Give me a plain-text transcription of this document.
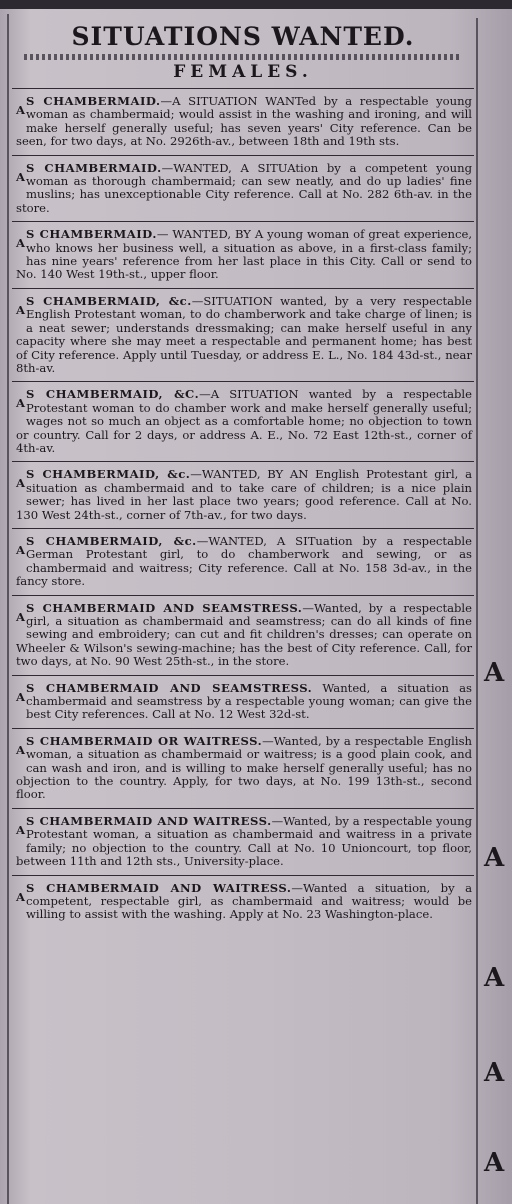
SITUATIONS WANTED.
FEMALES.
A
S CHAMBERMAID.—A SITUATION WANTed by a respectable young woman as chambermaid; would assist in the washing and ironing, and will make herself generally useful; has seven years' City reference. Can be seen, for two days, at No. 2926th-av., between 18th and 19th sts.
A
S CHAMBERMAID.—WANTED, A SITUAtion by a competent young woman as thorough chambermaid; can sew neatly, and do up ladies' fine muslins; has unexceptionable City reference. Call at No. 282 6th-av. in the store.
A
S CHAMBERMAID.— WANTED, BY A young woman of great experience, who knows her business well, a situation as above, in a first-class family; has nine years' reference from her last place in this City. Call or send to No. 140 West 19th-st., upper floor.
A
S CHAMBERMAID, &c.—SITUATION wanted, by a very respectable English Protestant woman, to do chamberwork and take charge of linen; is a neat sewer; understands dressmaking; can make herself useful in any capacity where she may meet a respectable and permanent home; has best of City reference. Apply until Tuesday, or address E. L., No. 184 43d-st., near 8th-av.
A
S CHAMBERMAID, &C.—A SITUATION wanted by a respectable Protestant woman to do chamber work and make herself generally useful; wages not so much an object as a comfortable home; no objection to town or country. Call for 2 days, or address A. E., No. 72 East 12th-st., corner of 4th-av.
A
S CHAMBERMAID, &c.—WANTED, BY AN English Protestant girl, a situation as chambermaid and to take care of children; is a nice plain sewer; has lived in her last place two years; good reference. Call at No. 130 West 24th-st., corner of 7th-av., for two days.
A
S CHAMBERMAID, &c.—WANTED, A SITuation by a respectable German Protestant girl, to do chamberwork and sewing, or as chambermaid and waitress; City reference. Call at No. 158 3d-av., in the fancy store.
A
S CHAMBERMAID AND SEAMSTRESS.—Wanted, by a respectable girl, a situation as chambermaid and seamstress; can do all kinds of fine sewing and embroidery; can cut and fit children's dresses; can operate on Wheeler & Wilson's sewing-machine; has the best of City reference. Call, for two days, at No. 90 West 25th-st., in the store.
A
S CHAMBERMAID AND SEAMSTRESS. Wanted, a situation as chambermaid and seamstress by a respectable young woman; can give the best City references. Call at No. 12 West 32d-st.
A
S CHAMBERMAID OR WAITRESS.—Wanted, by a respectable English woman, a situation as chambermaid or waitress; is a good plain cook, and can wash and iron, and is willing to make herself generally useful; has no objection to the country. Apply, for two days, at No. 199 13th-st., second floor.
A
S CHAMBERMAID AND WAITRESS.—Wanted, by a respectable young Protestant woman, a situation as chambermaid and waitress in a private family; no objection to the country. Call at No. 10 Unioncourt, top floor, between 11th and 12th sts., University-place.
A
S CHAMBERMAID AND WAITRESS.—Wanted a situation, by a competent, respectable girl, as chambermaid and waitress; would be willing to assist with the washing. Apply at No. 23 Washington-place.
A
A
A
A
A
